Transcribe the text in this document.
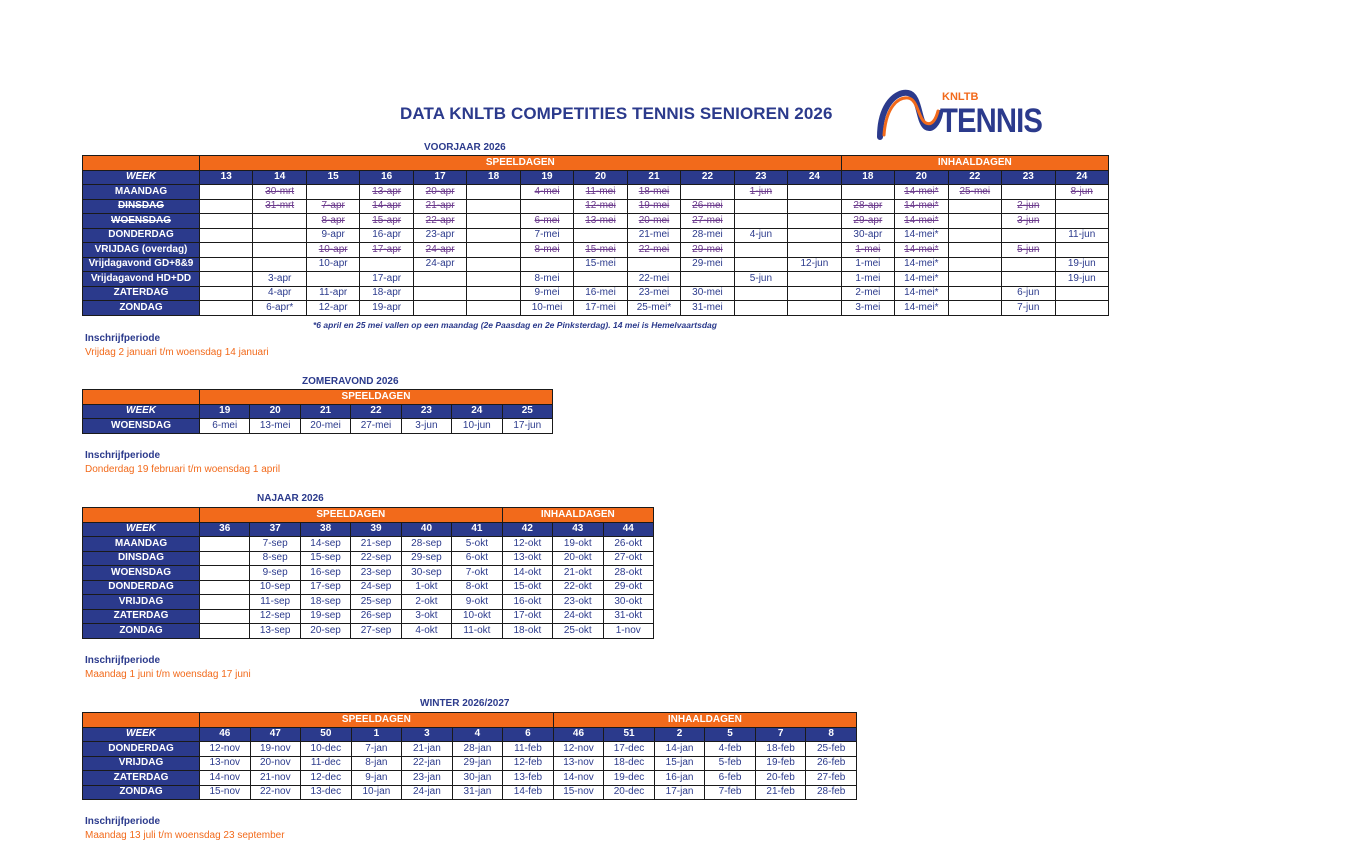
DATA KNLTB COMPETITIES TENNIS SENIOREN 2026
KNLTB
TENNIS
VOORJAAR 2026
	SPEELDAGEN												INHAALDAGEN				
WEEK	13	14	15	16	17	18	19	20	21	22	23	24	18	20	22	23	24
MAANDAG		30-mrt		13-apr	20-apr		4-mei	11-mei	18-mei		1-jun			14-mei*	25-mei		8-jun
DINSDAG		31-mrt	7-apr	14-apr	21-apr			12-mei	19-mei	26-mei			28-apr	14-mei*		2-jun	
WOENSDAG			8-apr	15-apr	22-apr		6-mei	13-mei	20-mei	27-mei			29-apr	14-mei*		3-jun	
DONDERDAG			9-apr	16-apr	23-apr		7-mei		21-mei	28-mei	4-jun		30-apr	14-mei*			11-jun
VRIJDAG (overdag)			10-apr	17-apr	24-apr		8-mei	15-mei	22-mei	29-mei			1-mei	14-mei*		5-jun	
Vrijdagavond GD+8&9			10-apr		24-apr			15-mei		29-mei		12-jun	1-mei	14-mei*			19-jun
Vrijdagavond HD+DD		3-apr		17-apr			8-mei		22-mei		5-jun		1-mei	14-mei*			19-jun
ZATERDAG		4-apr	11-apr	18-apr			9-mei	16-mei	23-mei	30-mei			2-mei	14-mei*		6-jun	
ZONDAG		6-apr*	12-apr	19-apr			10-mei	17-mei	25-mei*	31-mei			3-mei	14-mei*		7-jun	
*6 april en 25 mei vallen op een maandag (2e Paasdag en 2e Pinksterdag). 14 mei is Hemelvaartsdag
Inschrijfperiode
Vrijdag 2 januari t/m woensdag 14 januari
ZOMERAVOND 2026
	SPEELDAGEN						
WEEK	19	20	21	22	23	24	25
WOENSDAG	6-mei	13-mei	20-mei	27-mei	3-jun	10-jun	17-jun
Inschrijfperiode
Donderdag 19 februari t/m woensdag 1 april
NAJAAR 2026
	SPEELDAGEN						INHAALDAGEN		
WEEK	36	37	38	39	40	41	42	43	44
MAANDAG		7-sep	14-sep	21-sep	28-sep	5-okt	12-okt	19-okt	26-okt
DINSDAG		8-sep	15-sep	22-sep	29-sep	6-okt	13-okt	20-okt	27-okt
WOENSDAG		9-sep	16-sep	23-sep	30-sep	7-okt	14-okt	21-okt	28-okt
DONDERDAG		10-sep	17-sep	24-sep	1-okt	8-okt	15-okt	22-okt	29-okt
VRIJDAG		11-sep	18-sep	25-sep	2-okt	9-okt	16-okt	23-okt	30-okt
ZATERDAG		12-sep	19-sep	26-sep	3-okt	10-okt	17-okt	24-okt	31-okt
ZONDAG		13-sep	20-sep	27-sep	4-okt	11-okt	18-okt	25-okt	1-nov
Inschrijfperiode
Maandag 1 juni t/m woensdag 17 juni
WINTER 2026/2027
	SPEELDAGEN							INHAALDAGEN					
WEEK	46	47	50	1	3	4	6	46	51	2	5	7	8
DONDERDAG	12-nov	19-nov	10-dec	7-jan	21-jan	28-jan	11-feb	12-nov	17-dec	14-jan	4-feb	18-feb	25-feb
VRIJDAG	13-nov	20-nov	11-dec	8-jan	22-jan	29-jan	12-feb	13-nov	18-dec	15-jan	5-feb	19-feb	26-feb
ZATERDAG	14-nov	21-nov	12-dec	9-jan	23-jan	30-jan	13-feb	14-nov	19-dec	16-jan	6-feb	20-feb	27-feb
ZONDAG	15-nov	22-nov	13-dec	10-jan	24-jan	31-jan	14-feb	15-nov	20-dec	17-jan	7-feb	21-feb	28-feb
Inschrijfperiode
Maandag 13 juli t/m woensdag 23 september
